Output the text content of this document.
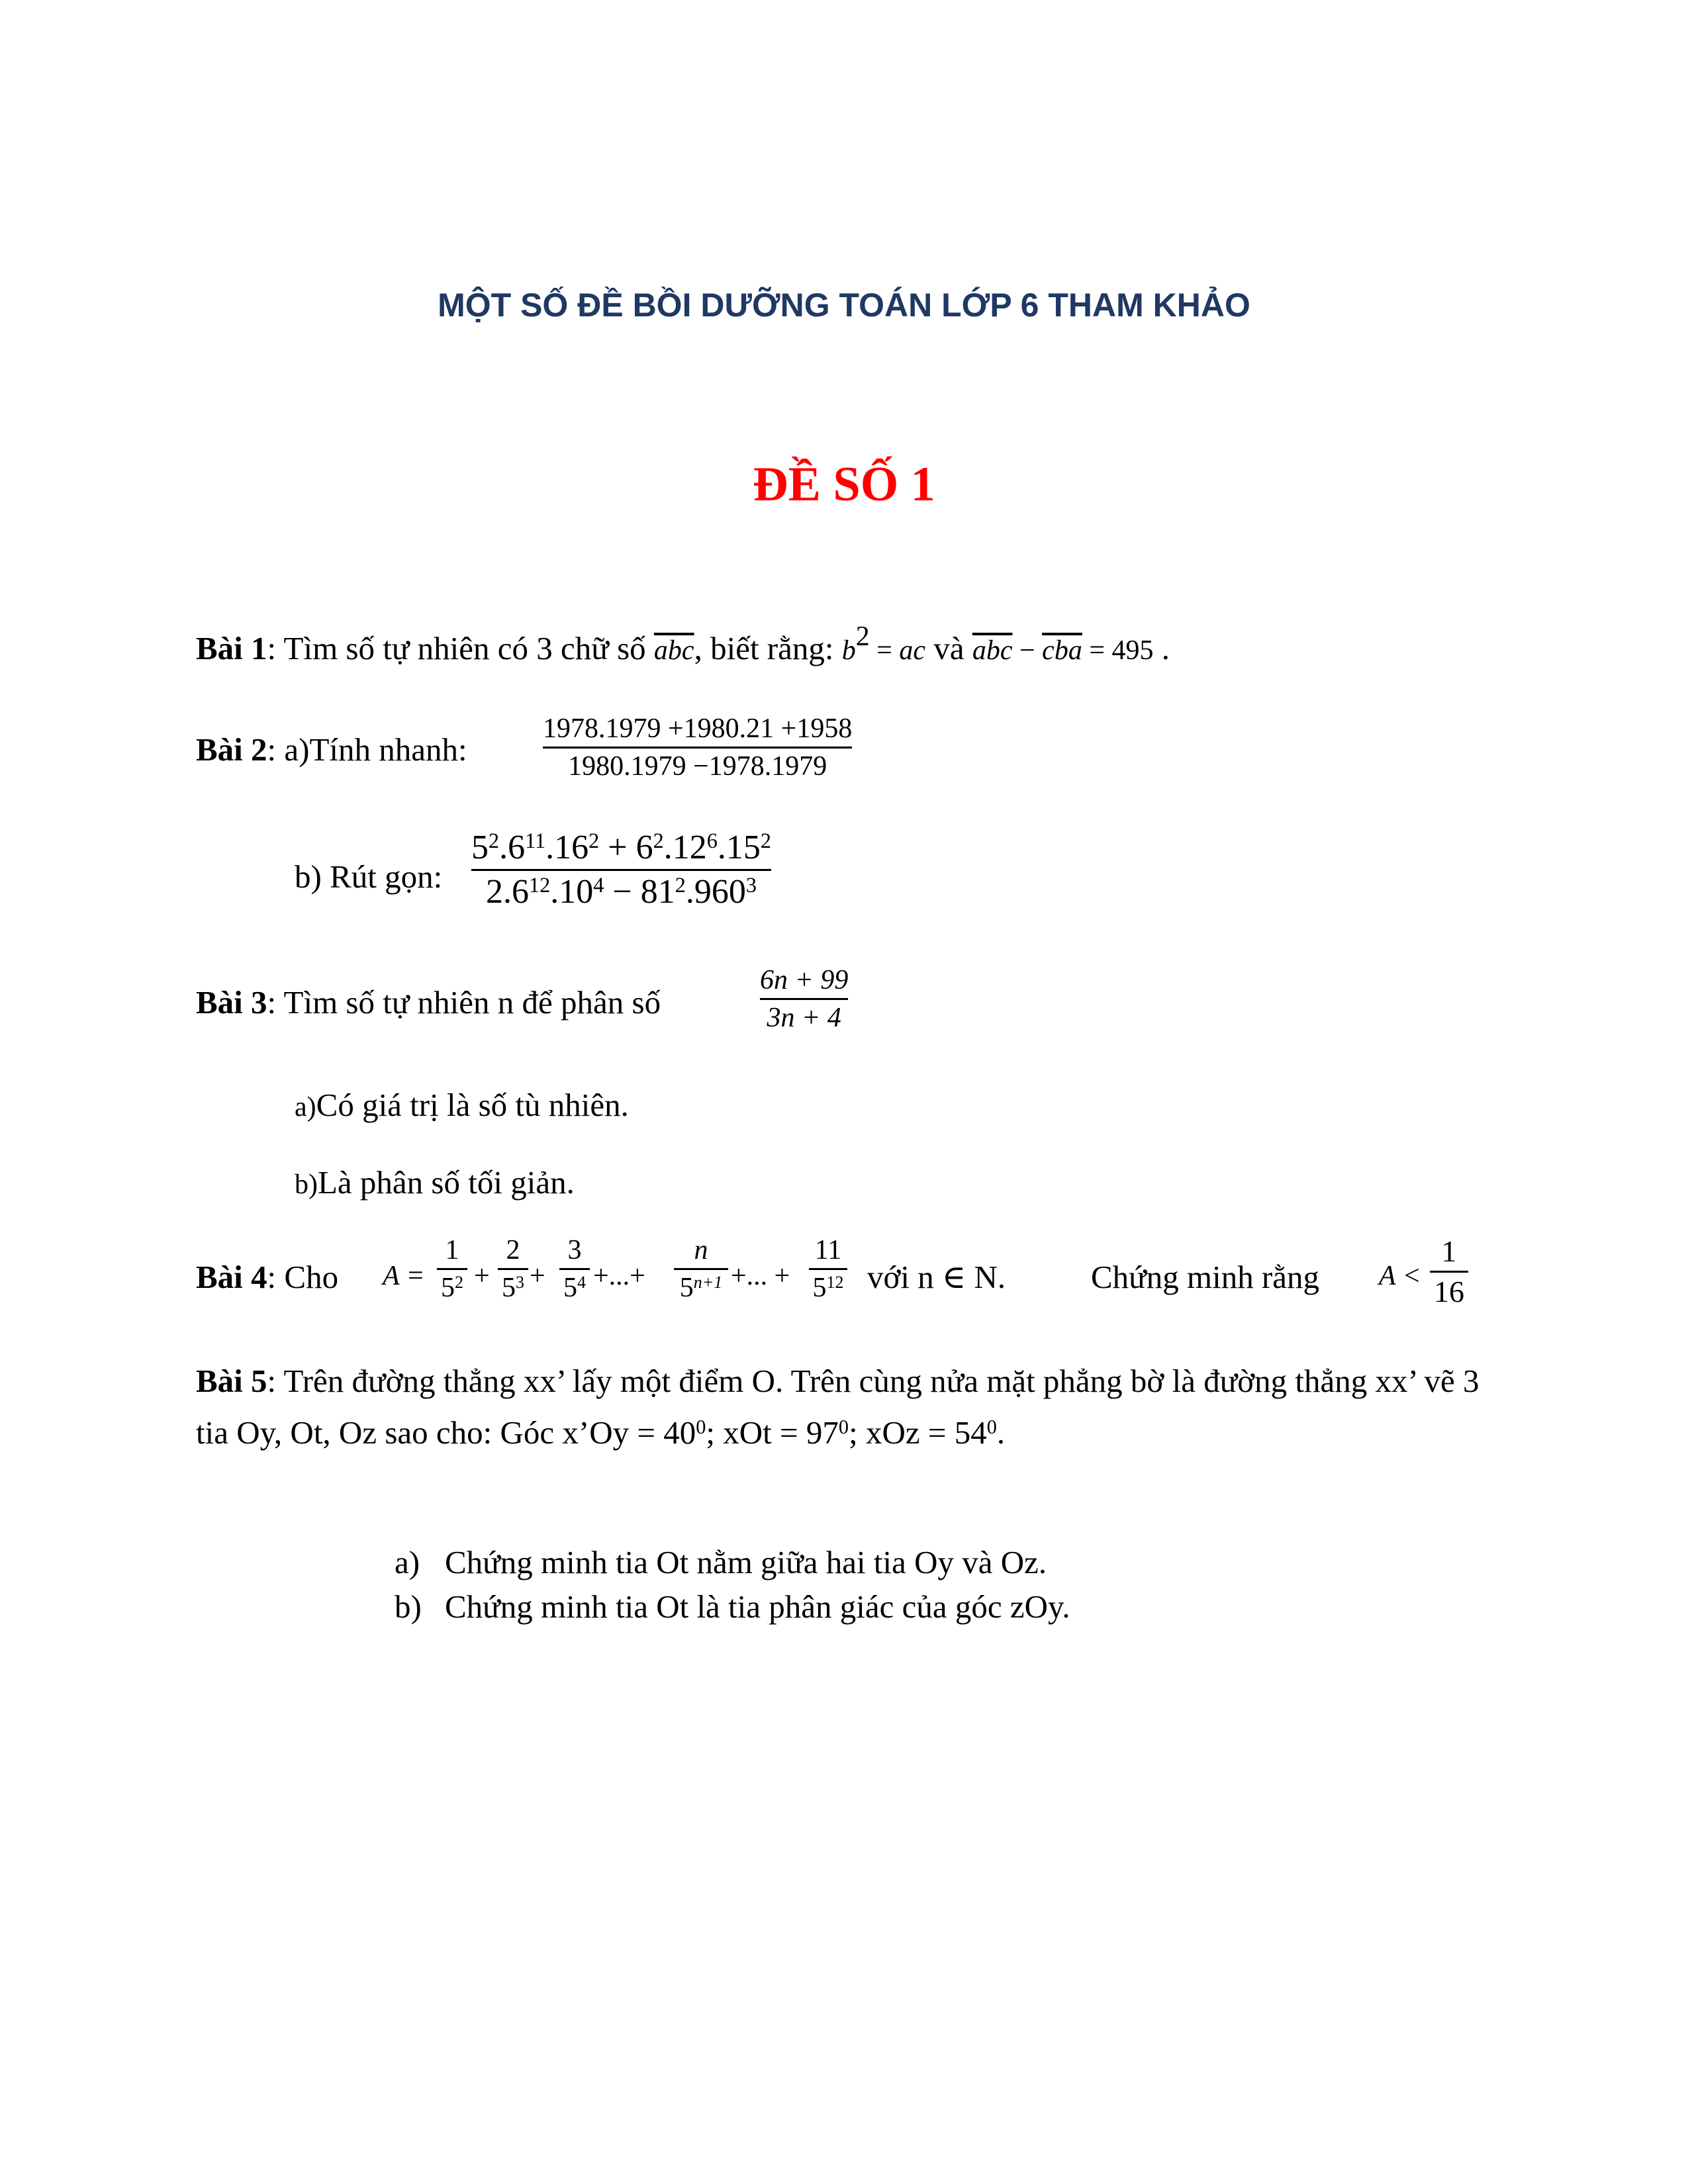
MỘT SỐ ĐỀ BỒI DƯỠNG TOÁN LỚP 6 THAM KHẢO
ĐỀ SỐ 1
Bài 1: Tìm số tự nhiên có 3 chữ số $\overline{abc}$, biết rằng: $b^2$ = ac và $\overline{abc} - \overline{cba} = 495$ .
Bài 2: a)Tính nhanh:
1978.1979 +1980.21 +1958
1980.1979 −1978.1979
b) Rút gọn:
$5^2.6^{11}.16^2 + 6^2.12^6.15^2$
$2.6^{12}.10^4 - 81^2.960^3$
Bài 3: Tìm số tự nhiên n để phân số
6n + 99
3n + 4
a)Có giá trị là số tù nhiên.
b)Là phân số tối giản.
Bài 4: Cho A =
1
$5^2$ +
2
$5^3$ +
3
$5^4$ +...+
n
$5^{n+1}$ +... +
11
$5^{12}$ với n ∈ N.	Chứng minh rằng A <
1
16
Bài 5: Trên đường thẳng xx’ lấy một điểm O. Trên cùng nửa mặt phẳng bờ là đường thẳng xx’ vẽ 3 tia Oy, Ot, Oz sao cho: Góc x’Oy = $40^0$; xOt = $97^0$; xOz = $54^0$.
a) Chứng minh tia Ot nằm giữa hai tia Oy và Oz.
b) Chứng minh tia Ot là tia phân giác của góc zOy.
